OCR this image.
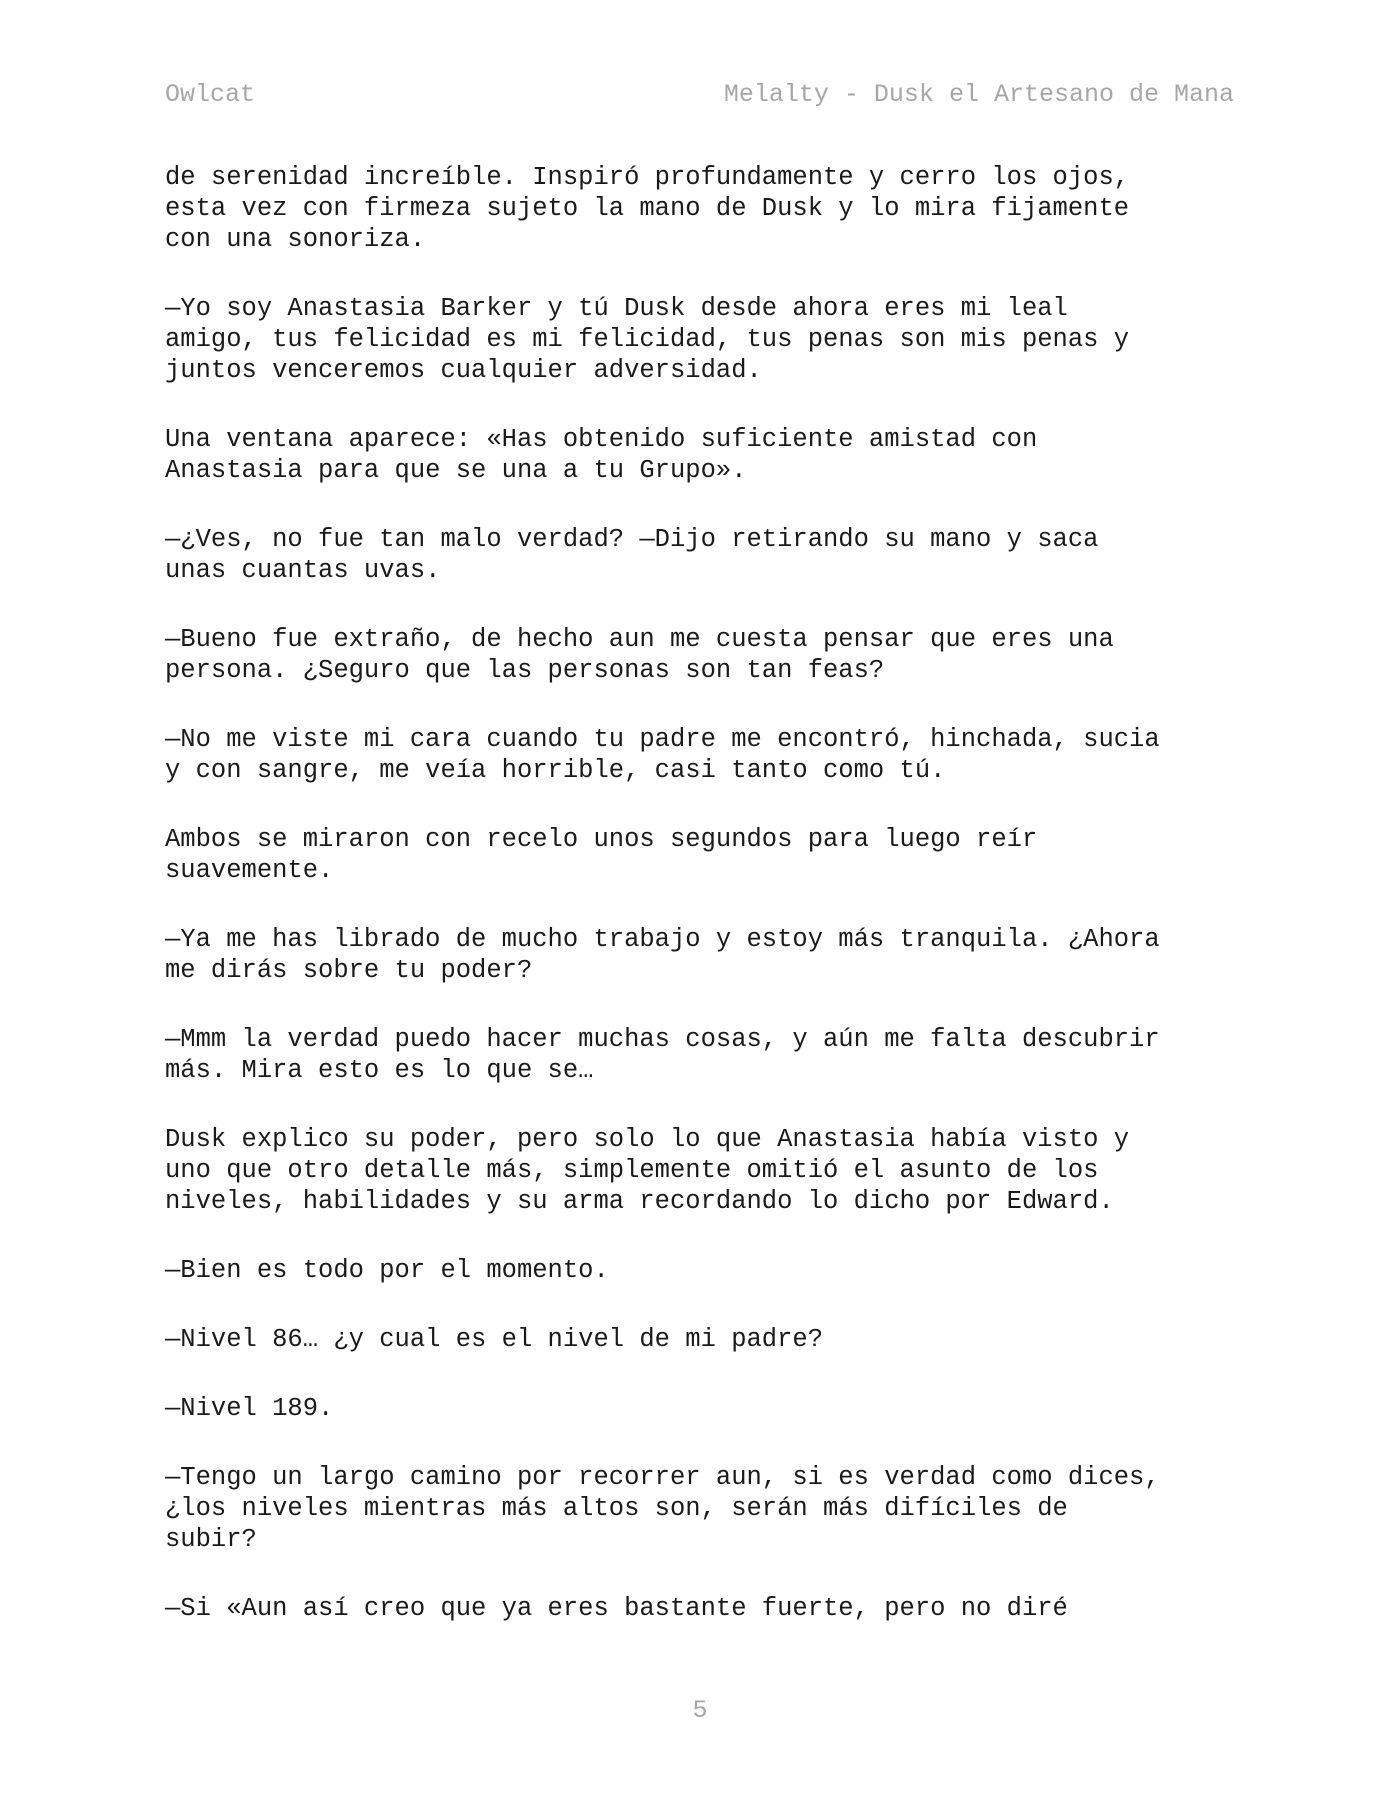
Owlcat	Melalty - Dusk el Artesano de Mana

de serenidad increíble. Inspiró profundamente y cerro los ojos,
esta vez con firmeza sujeto la mano de Dusk y lo mira fijamente
con una sonoriza.

—Yo soy Anastasia Barker y tú Dusk desde ahora eres mi leal
amigo, tus felicidad es mi felicidad, tus penas son mis penas y
juntos venceremos cualquier adversidad.

Una ventana aparece: «Has obtenido suficiente amistad con
Anastasia para que se una a tu Grupo».

—¿Ves, no fue tan malo verdad? —Dijo retirando su mano y saca
unas cuantas uvas.

—Bueno fue extraño, de hecho aun me cuesta pensar que eres una
persona. ¿Seguro que las personas son tan feas?

—No me viste mi cara cuando tu padre me encontró, hinchada, sucia
y con sangre, me veía horrible, casi tanto como tú.

Ambos se miraron con recelo unos segundos para luego reír
suavemente.

—Ya me has librado de mucho trabajo y estoy más tranquila. ¿Ahora
me dirás sobre tu poder?

—Mmm la verdad puedo hacer muchas cosas, y aún me falta descubrir
más. Mira esto es lo que se…

Dusk explico su poder, pero solo lo que Anastasia había visto y
uno que otro detalle más, simplemente omitió el asunto de los
niveles, habilidades y su arma recordando lo dicho por Edward.

—Bien es todo por el momento.

—Nivel 86… ¿y cual es el nivel de mi padre?

—Nivel 189.

—Tengo un largo camino por recorrer aun, si es verdad como dices,
¿los niveles mientras más altos son, serán más difíciles de
subir?

—Si «Aun así creo que ya eres bastante fuerte, pero no diré

5
